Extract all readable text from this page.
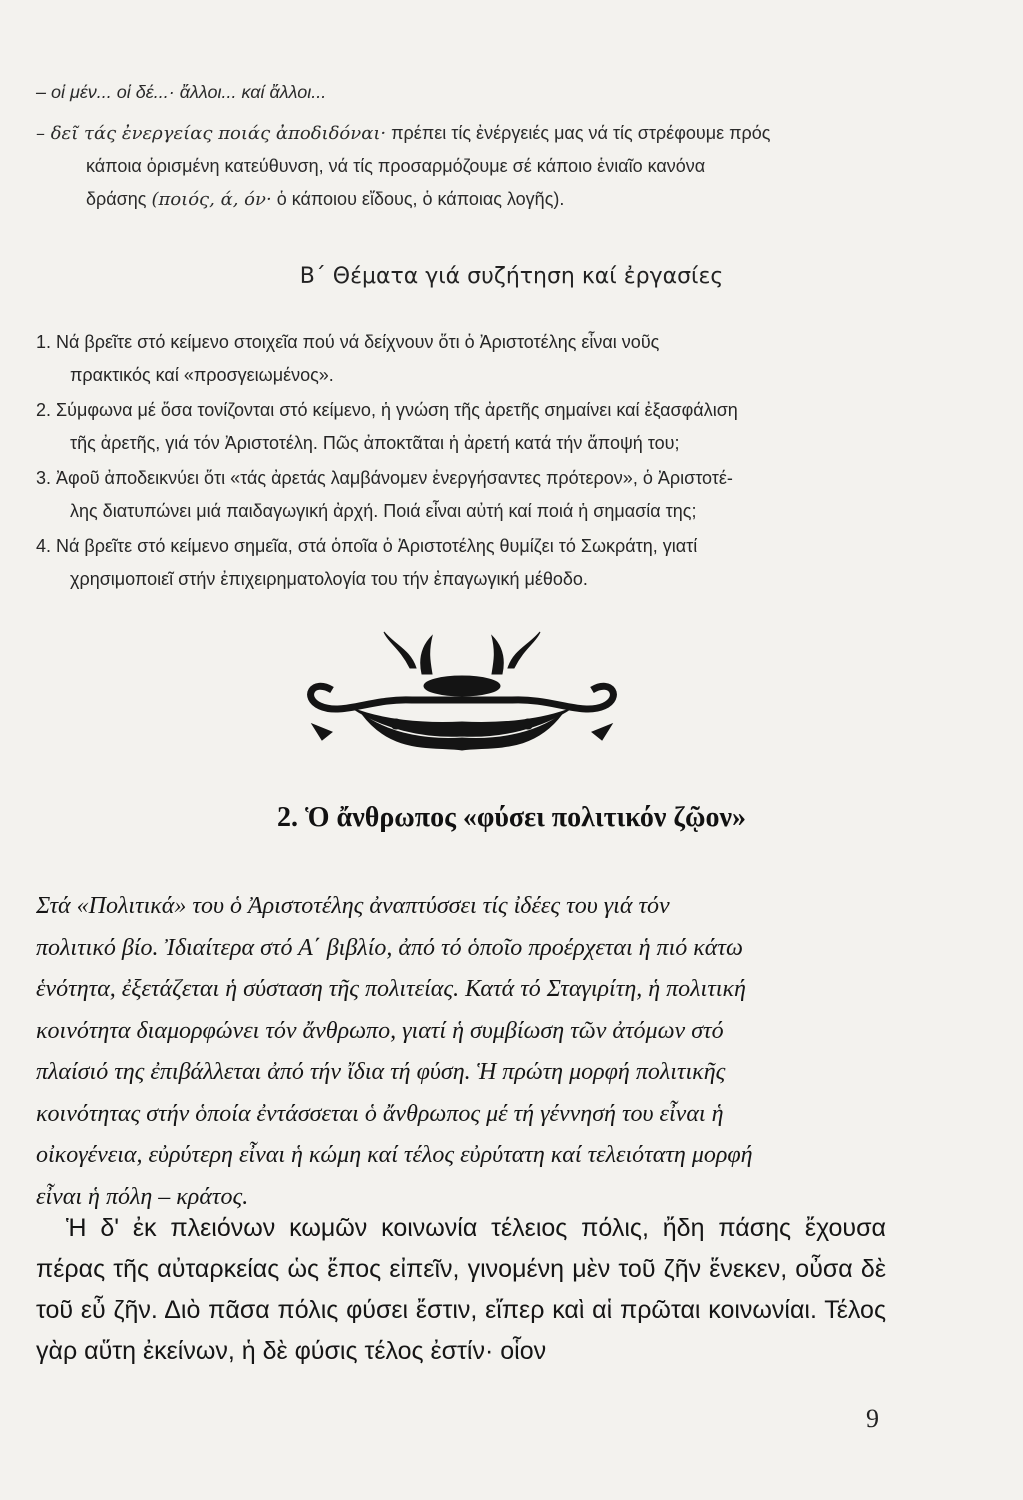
– οἱ μέν... οἱ δέ...· ἄλλοι... καί ἄλλοι...
– δεῖ τάς ἐνεργείας ποιάς ἀποδιδόναι· πρέπει τίς ἐνέργειές μας νά τίς στρέφουμε πρός
κάποια ὁρισμένη κατεύθυνση, νά τίς προσαρμόζουμε σέ κάποιο ἑνιαῖο κανόνα
δράσης (ποιός, ά, όν· ὁ κάποιου εἴδους, ὁ κάποιας λογῆς).
Β΄ Θέματα γιά συζήτηση καί ἐργασίες
1. Νά βρεῖτε στό κείμενο στοιχεῖα πού νά δείχνουν ὅτι ὁ Ἀριστοτέλης εἶναι νοῦς
πρακτικός καί «προσγειωμένος».
2. Σύμφωνα μέ ὅσα τονίζονται στό κείμενο, ἡ γνώση τῆς ἀρετῆς σημαίνει καί ἐξασφάλιση
τῆς ἀρετῆς, γιά τόν Ἀριστοτέλη. Πῶς ἀποκτᾶται ἡ ἀρετή κατά τήν ἄποψή του;
3. Ἀφοῦ ἀποδεικνύει ὅτι «τάς ἀρετάς λαμβάνομεν ἐνεργήσαντες πρότερον», ὁ Ἀριστοτέ-
λης διατυπώνει μιά παιδαγωγική ἀρχή. Ποιά εἶναι αὐτή καί ποιά ἡ σημασία της;
4. Νά βρεῖτε στό κείμενο σημεῖα, στά ὁποῖα ὁ Ἀριστοτέλης θυμίζει τό Σωκράτη, γιατί
χρησιμοποιεῖ στήν ἐπιχειρηματολογία του τήν ἐπαγωγική μέθοδο.
2. Ὁ ἄνθρωπος «φύσει πολιτικόν ζῷον»
Στά «Πολιτικά» του ὁ Ἀριστοτέλης ἀναπτύσσει τίς ἰδέες του γιά τόν
πολιτικό βίο. Ἰδιαίτερα στό Α΄ βιβλίο, ἀπό τό ὁποῖο προέρχεται ἡ πιό κάτω
ἑνότητα, ἐξετάζεται ἡ σύσταση τῆς πολιτείας. Κατά τό Σταγιρίτη, ἡ πολιτική
κοινότητα διαμορφώνει τόν ἄνθρωπο, γιατί ἡ συμβίωση τῶν ἀτόμων στό
πλαίσιό της ἐπιβάλλεται ἀπό τήν ἴδια τή φύση. Ἡ πρώτη μορφή πολιτικῆς
κοινότητας στήν ὁποία ἐντάσσεται ὁ ἄνθρωπος μέ τή γέννησή του εἶναι ἡ
οἰκογένεια, εὐρύτερη εἶναι ἡ κώμη καί τέλος εὐρύτατη καί τελειότατη μορφή
εἶναι ἡ πόλη – κράτος.
Ἡ δ' ἐκ πλειόνων κωμῶν κοινωνία τέλειος πόλις, ἤδη πάσης ἔχουσα πέρας τῆς αὐταρκείας ὡς ἔπος εἰπεῖν, γινομένη μὲν τοῦ ζῆν ἕνεκεν, οὖσα δὲ τοῦ εὖ ζῆν. Διὸ πᾶσα πόλις φύσει ἔστιν, εἴπερ καὶ αἱ πρῶται κοινωνίαι. Τέλος γὰρ αὕτη ἐκείνων, ἡ δὲ φύσις τέλος ἐστίν· οἷον
9
